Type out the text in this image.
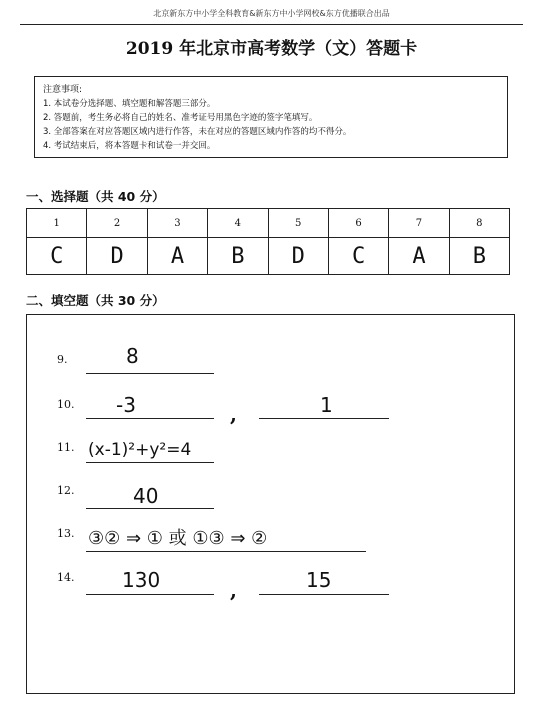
北京新东方中小学全科教育&新东方中小学网校&东方优播联合出品
2019 年北京市高考数学（文）答题卡
注意事项:
1. 本试卷分选择题、填空题和解答题三部分。
2. 答题前，考生务必将自己的姓名、准考证号用黑色字迹的签字笔填写。
3. 全部答案在对应答题区域内进行作答，未在对应的答题区域内作答的均不得分。
4. 考试结束后，将本答题卡和试卷一并交回。
一、选择题（共 40 分）
1	2	3	4	5	6	7	8
C	D	A	B	D	C	A	B
二、填空题（共 30 分）
9.	8
10. -3	,	1
11. (x-1)²+y²=4
12.	40
13. ③② ⇒ ① 或 ①③ ⇒ ②
14. 130	,	15
